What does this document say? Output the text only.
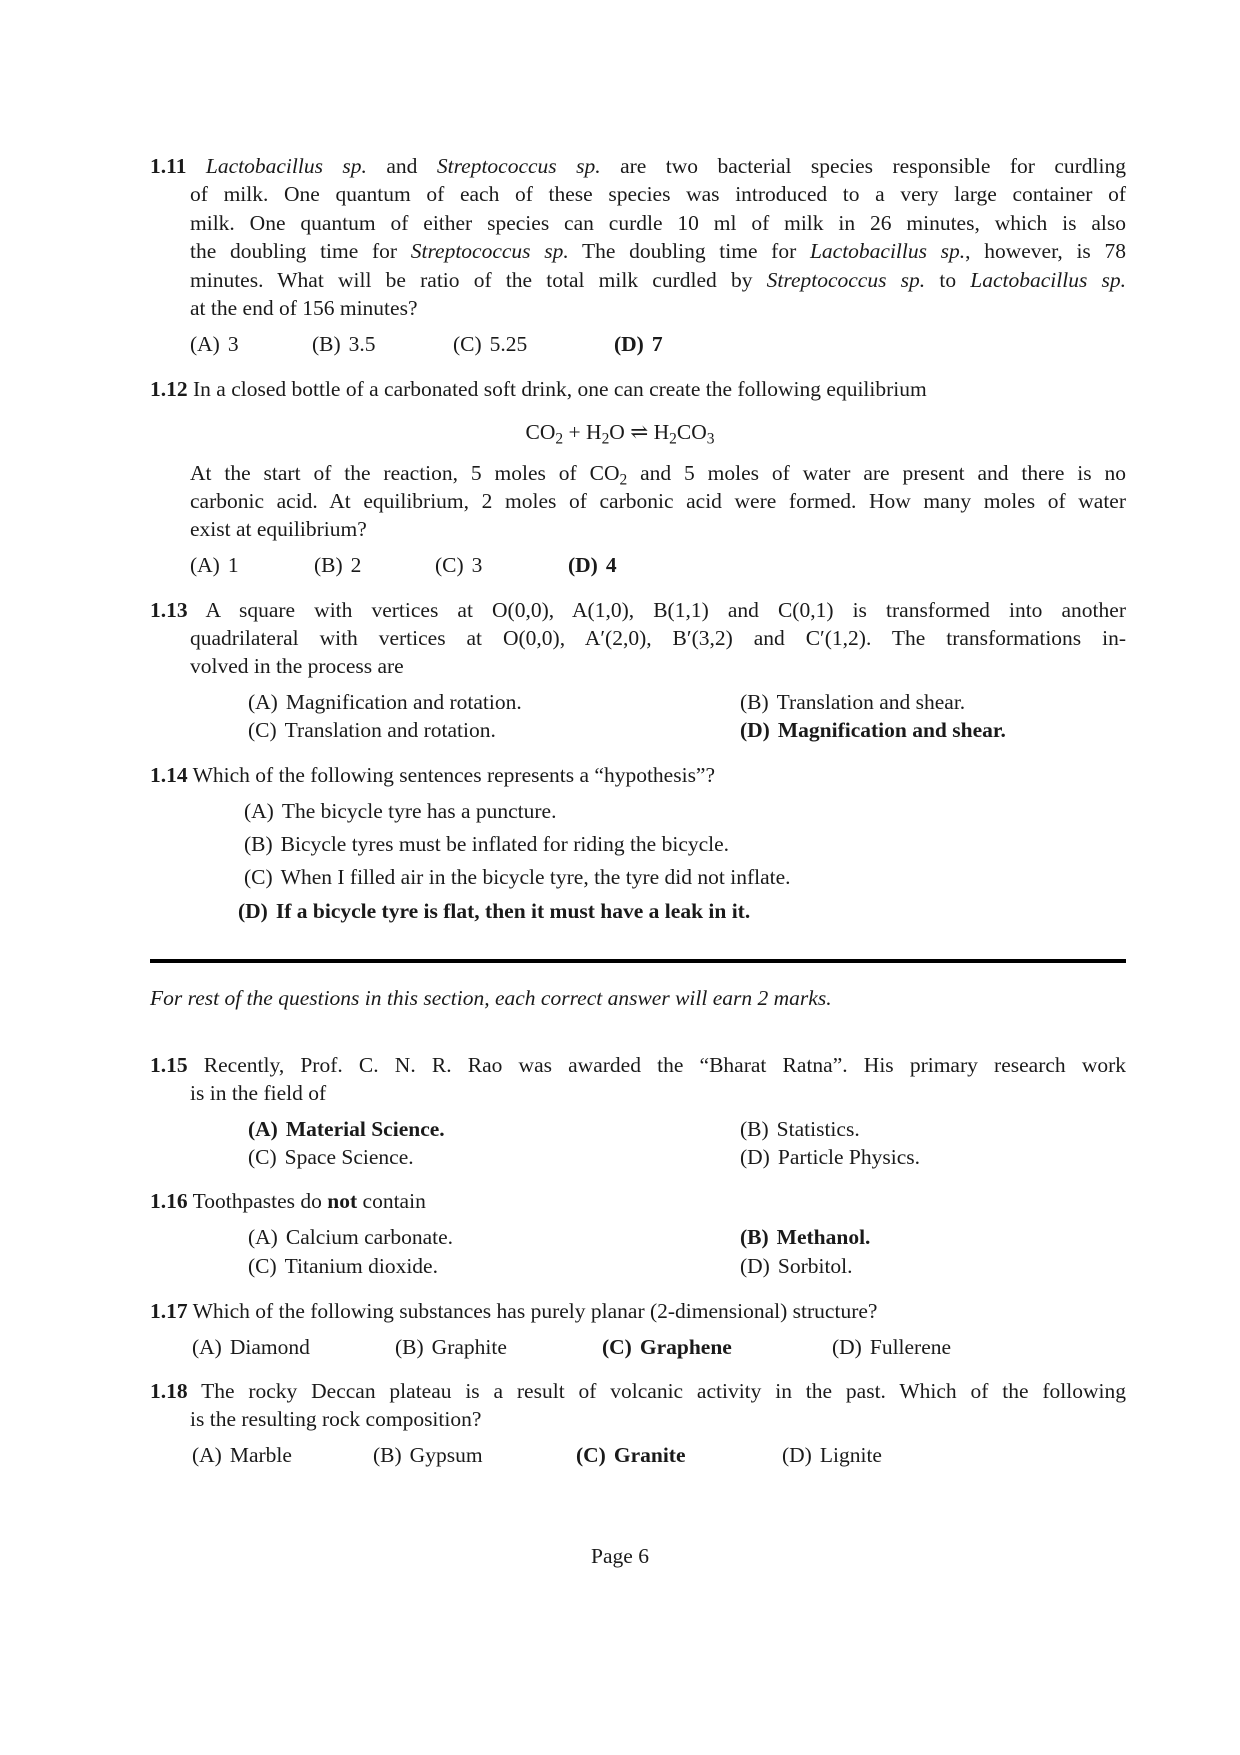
1.11 Lactobacillus sp. and Streptococcus sp. are two bacterial species responsible for curdling
of milk. One quantum of each of these species was introduced to a very large container of
milk. One quantum of either species can curdle 10 ml of milk in 26 minutes, which is also
the doubling time for Streptococcus sp. The doubling time for Lactobacillus sp., however, is 78
minutes. What will be ratio of the total milk curdled by Streptococcus sp. to Lactobacillus sp.
at the end of 156 minutes?
(A) 3	(B) 3.5	(C) 5.25	(D) 7
1.12 In a closed bottle of a carbonated soft drink, one can create the following equilibrium
$CO_2 + H_2O$ ⇌ $H_2CO_3$
At the start of the reaction, 5 moles of $CO_2$ and 5 moles of water are present and there is no
carbonic acid. At equilibrium, 2 moles of carbonic acid were formed. How many moles of water
exist at equilibrium?
(A) 1	(B) 2	(C) 3	(D) 4
1.13 A square with vertices at O(0,0), A(1,0), B(1,1) and C(0,1) is transformed into another
quadrilateral with vertices at O(0,0), A′(2,0), B′(3,2) and C′(1,2). The transformations in-
volved in the process are
(A) Magnification and rotation.	(B) Translation and shear.
(C) Translation and rotation.	(D) Magnification and shear.
1.14 Which of the following sentences represents a “hypothesis”?
(A) The bicycle tyre has a puncture.
(B) Bicycle tyres must be inflated for riding the bicycle.
(C) When I filled air in the bicycle tyre, the tyre did not inflate.
(D) If a bicycle tyre is flat, then it must have a leak in it.
For rest of the questions in this section, each correct answer will earn 2 marks.
1.15 Recently, Prof. C. N. R. Rao was awarded the “Bharat Ratna”. His primary research work
is in the field of
(A) Material Science.	(B) Statistics.
(C) Space Science.	(D) Particle Physics.
1.16 Toothpastes do not contain
(A) Calcium carbonate.	(B) Methanol.
(C) Titanium dioxide.	(D) Sorbitol.
1.17 Which of the following substances has purely planar (2-dimensional) structure?
(A) Diamond	(B) Graphite	(C) Graphene	(D) Fullerene
1.18 The rocky Deccan plateau is a result of volcanic activity in the past. Which of the following
is the resulting rock composition?
(A) Marble	(B) Gypsum	(C) Granite	(D) Lignite
Page 6
